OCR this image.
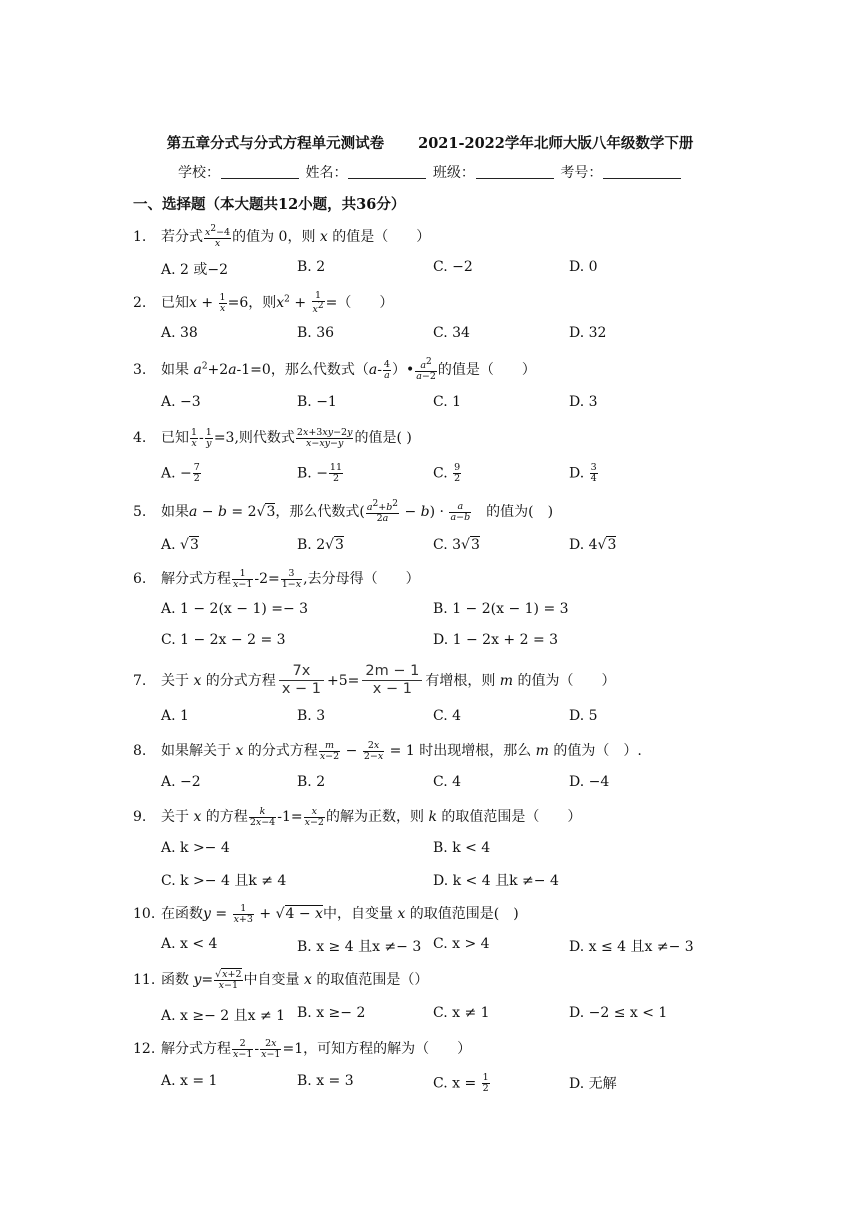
第五章分式与分式方程单元测试卷 2021-2022学年北师大版八年级数学下册
学校：	姓名：	班级：	考号：
一、选择题（本大题共12小题，共36分）
1. 若分式 $\frac{x^2-4}{x}$ 的值为 0，则 x 的值是（　　）
A. 2 或−2	B. 2	C. −2	D. 0
2. 已知$x + \frac{1}{x} =6$，则$x^2 + \frac{1}{x^2}$ =（　　）
A. 38	B. 36	C. 34	D. 32
3. 如果 $a^2+2a-1=0$，那么代数式（$a- \frac{4}{a}$ ）• $\frac{a^2}{a-2}$ 的值是（　　）
A. −3	B. −1	C. 1	D. 3
4. 已知 $\frac{1}{x} - \frac{1}{y} =3$,则代数式 $\frac{2x+3xy-2y}{x-xy-y}$ 的值是( )
A. − $\frac{7}{2}$	B. − $\frac{11}{2}$	C. $\frac{9}{2}$	D. $\frac{3}{4}$
5. 如果a − b = 2√3，那么代数式( $\frac{a^2+b^2}{2a} - b) \cdot \frac{a}{a-b}$ 　的值为(　)
A. √3	B. 2√3	C. 3√3	D. 4√3
6. 解分式方程 $\frac{1}{x-1} -2= \frac{3}{1-x}$ ,去分母得（　　）
A. 1 − 2(x − 1) =− 3	B. 1 − 2(x − 1) = 3
C. 1 − 2x − 2 = 3	D. 1 − 2x + 2 = 3
7. 关于 x 的分式方程 $\frac{7x}{x - 1} +5= \frac{2m - 1}{x - 1}$ 有增根，则 m 的值为（　　）
A. 1	B. 3	C. 4	D. 5
8. 如果解关于 x 的分式方程 $\frac{m}{x-2} - \frac{2x}{2-x} = 1$ 时出现增根，那么 m 的值为（　）.
A. −2	B. 2	C. 4	D. −4
9. 关于 x 的方程 $\frac{k}{2x-4} -1= \frac{x}{x-2}$ 的解为正数，则 k 的取值范围是（　　）
A. k >− 4	B. k < 4
C. k >− 4 且k ≠ 4	D. k < 4 且k ≠− 4
10. 在函数$y = \frac{1}{x+3} + √4 - x$中，自变量 x 的取值范围是(　)
A. x < 4	B. x ≥ 4 且x ≠− 3 C. x > 4	D. x ≤ 4 且x ≠− 3
11. 函数 $y= \frac{√x+2}{x-1}$ 中自变量 x 的取值范围是（）
A. x ≥− 2 且x ≠ 1 B. x ≥− 2	C. x ≠ 1	D. −2 ≤ x < 1
12. 解分式方程 $\frac{2}{x-1} - \frac{2x}{x-1} =1$，可知方程的解为（　　）
A. x = 1	B. x = 3	C. $x = \frac{1}{2}$	D. 无解
